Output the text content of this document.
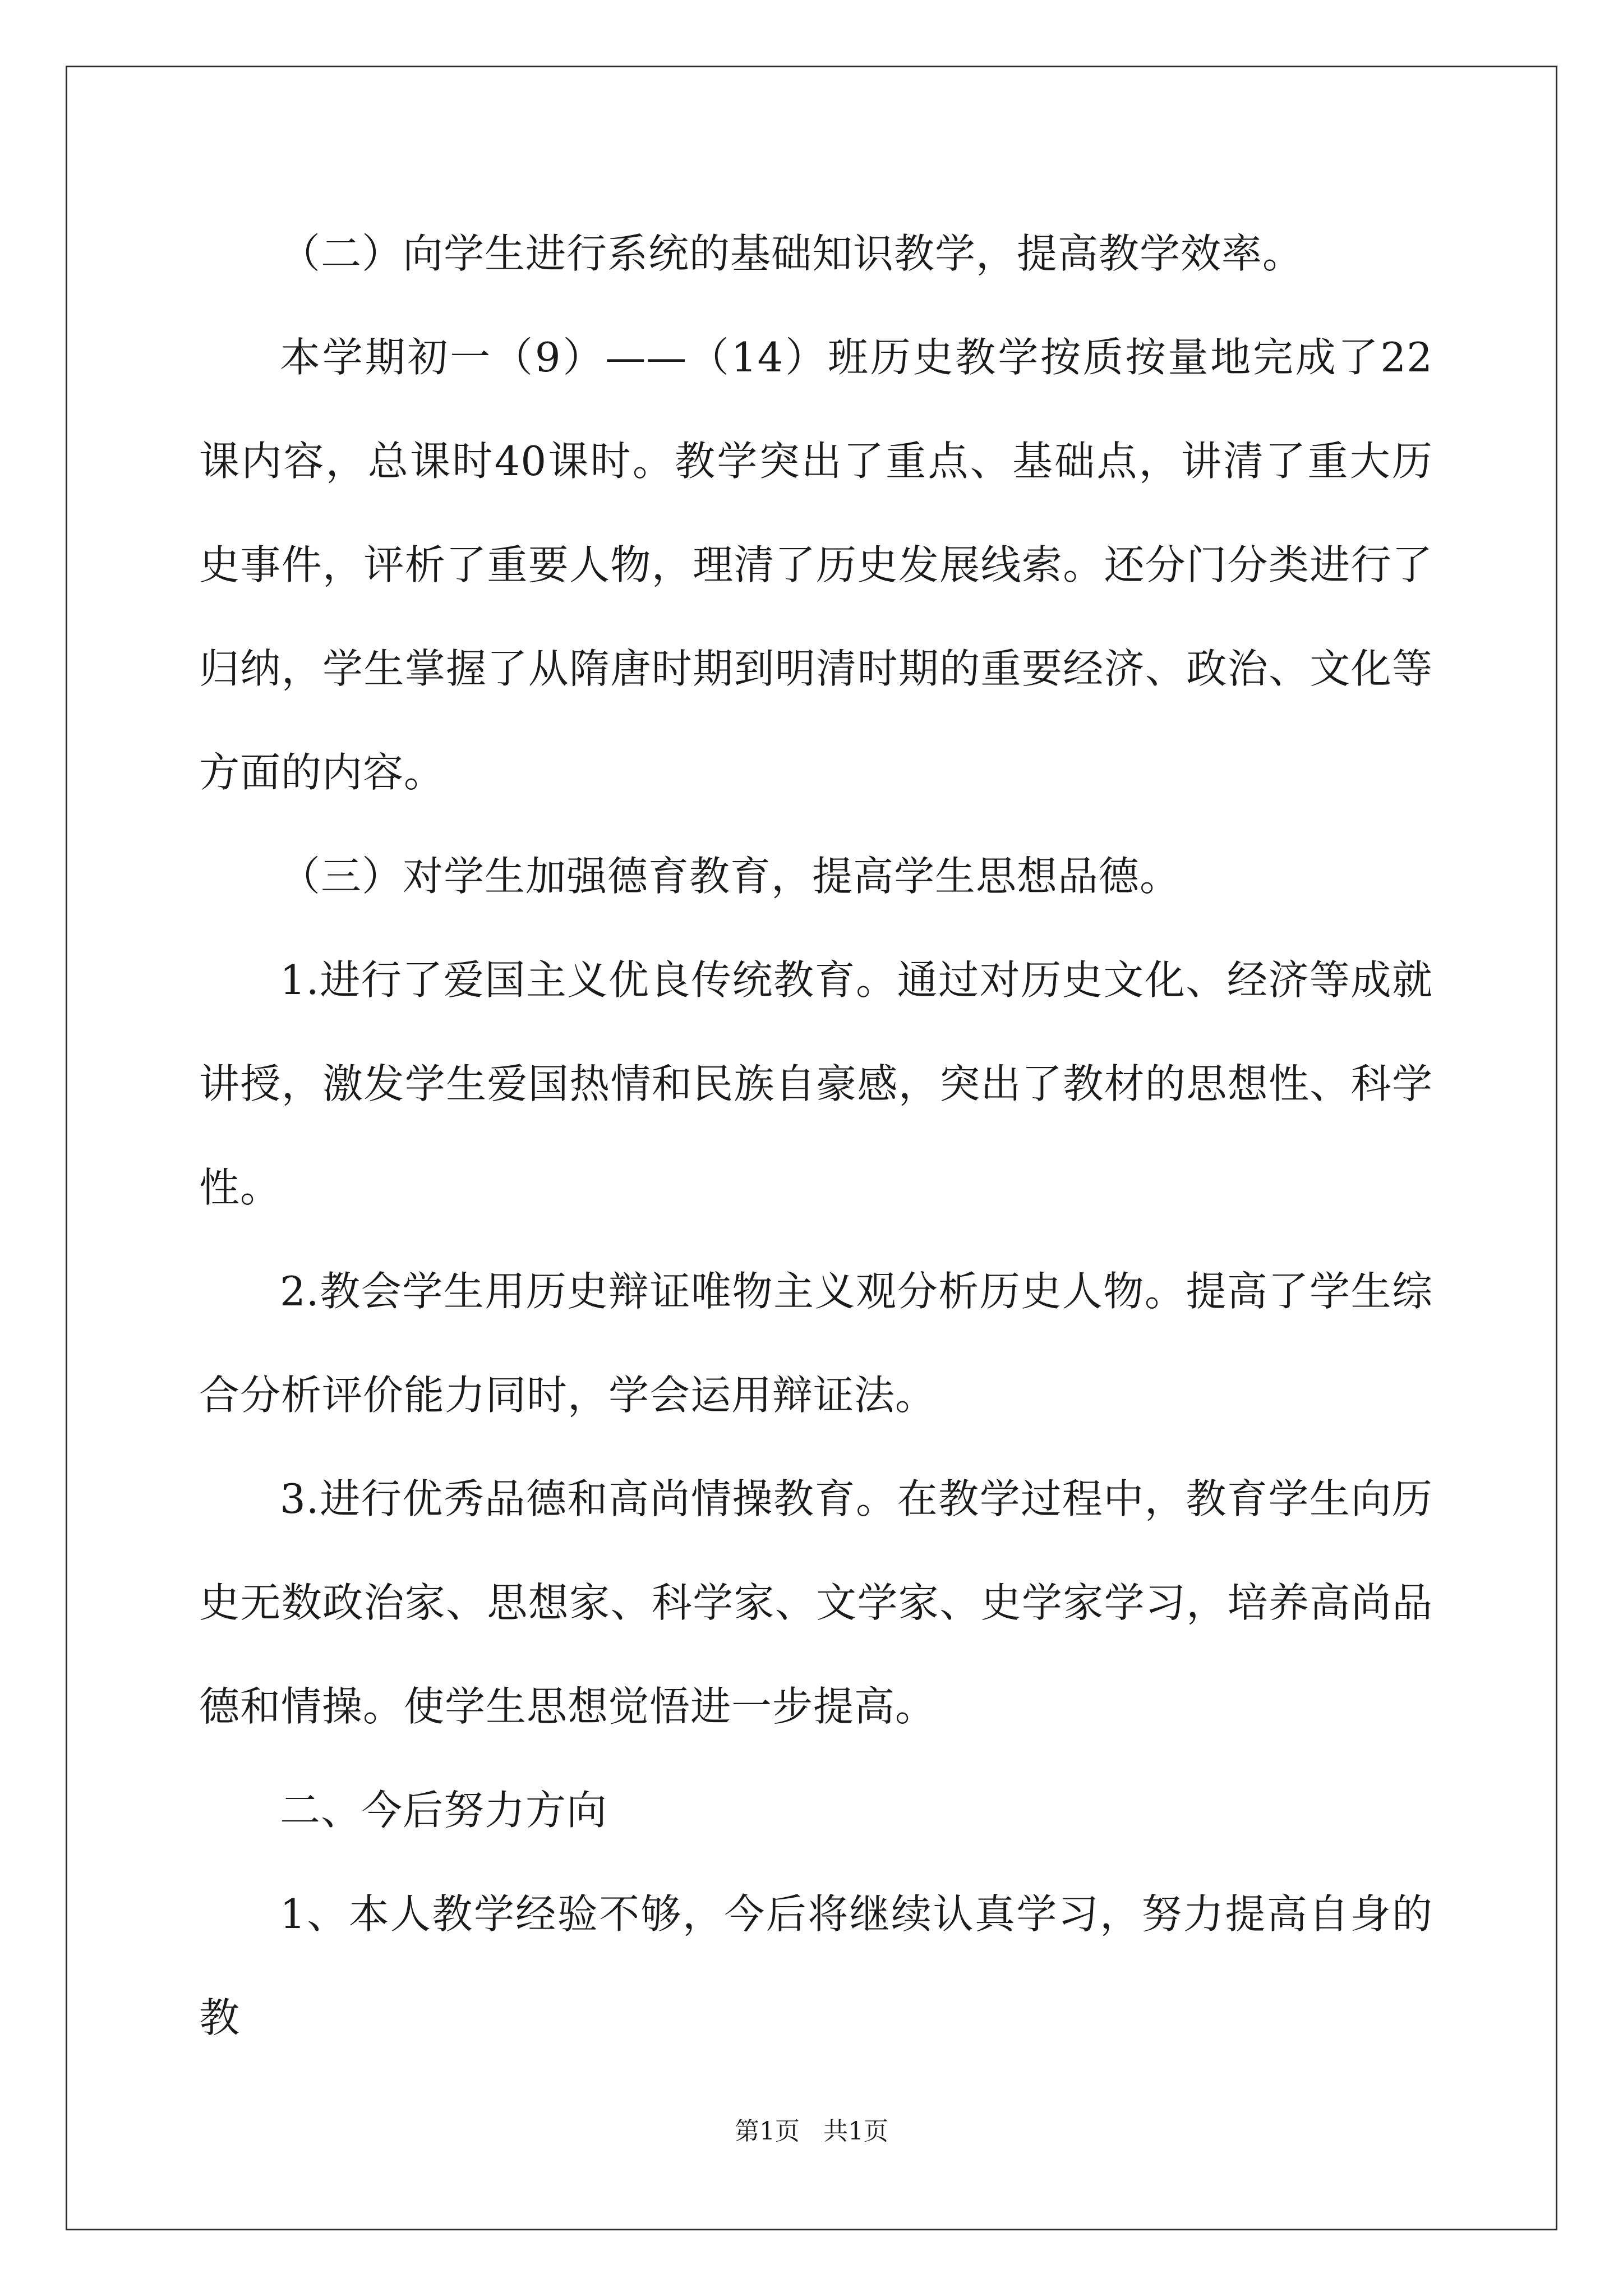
（二）向学生进行系统的基础知识教学，提高教学效率。

本学期初一（9）——（14）班历史教学按质按量地完成了22课内容，总课时40课时。教学突出了重点、基础点，讲清了重大历史事件，评析了重要人物，理清了历史发展线索。还分门分类进行了归纳，学生掌握了从隋唐时期到明清时期的重要经济、政治、文化等方面的内容。

（三）对学生加强德育教育，提高学生思想品德。

1.进行了爱国主义优良传统教育。通过对历史文化、经济等成就讲授，激发学生爱国热情和民族自豪感，突出了教材的思想性、科学性。

2.教会学生用历史辩证唯物主义观分析历史人物。提高了学生综合分析评价能力同时，学会运用辩证法。

3.进行优秀品德和高尚情操教育。在教学过程中，教育学生向历史无数政治家、思想家、科学家、文学家、史学家学习，培养高尚品德和情操。使学生思想觉悟进一步提高。

二、今后努力方向

1、本人教学经验不够，今后将继续认真学习，努力提高自身的教

第1页   共1页
